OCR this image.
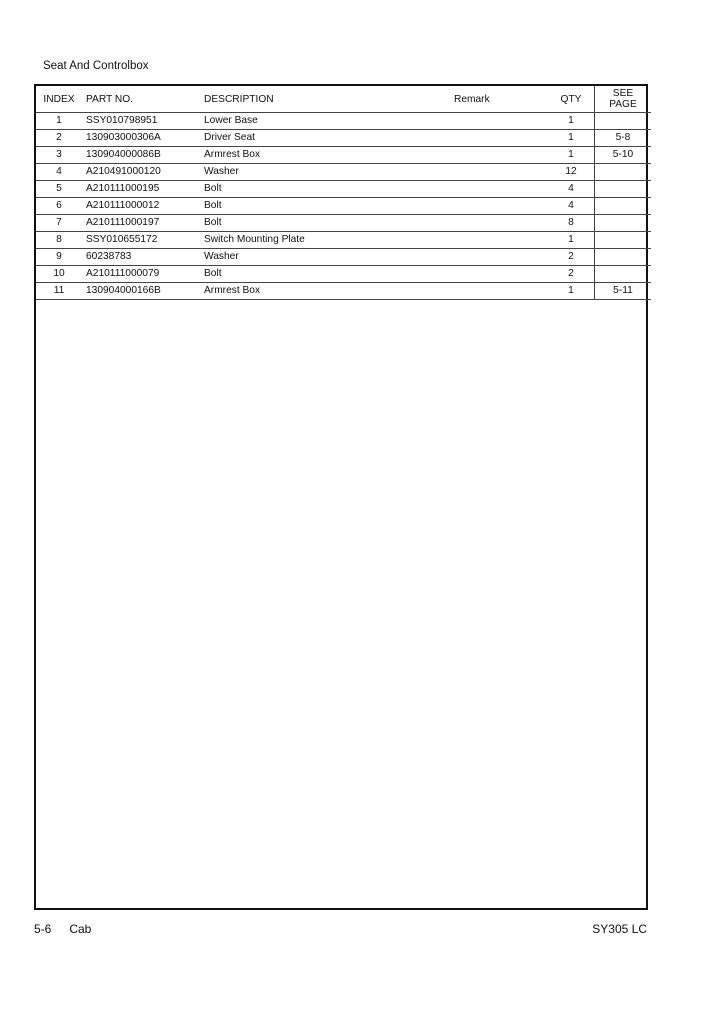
Seat And Controlbox
INDEX	PART NO.	DESCRIPTION	Remark	QTY	SEE
PAGE

1	SSY010798951	Lower Base		1	
2	130903000306A	Driver Seat		1	5-8
3	130904000086B	Armrest Box		1	5-10
4	A210491000120	Washer		12	
5	A210111000195	Bolt		4	
6	A210111000012	Bolt		4	
7	A210111000197	Bolt		8	
8	SSY010655172	Switch Mounting Plate		1	
9	60238783	Washer		2	
10	A210111000079	Bolt		2	
11	130904000166B	Armrest Box		1	5-11
5-6 Cab	SY305 LC
